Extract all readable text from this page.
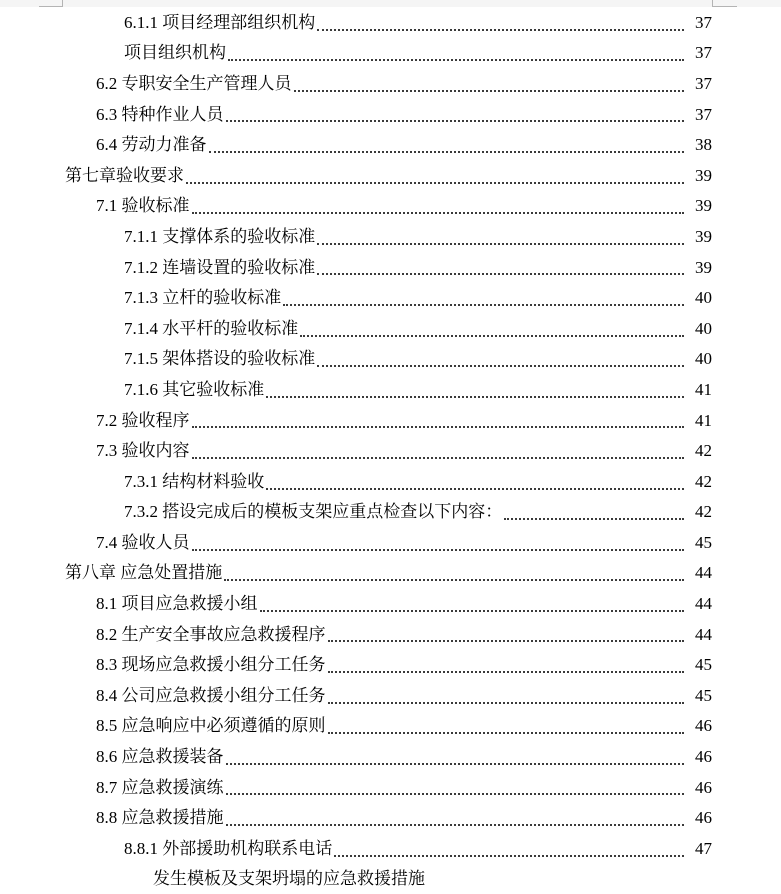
6.1.1 项目经理部组织机构	37
项目组织机构	37
6.2 专职安全生产管理人员	37
6.3 特种作业人员	37
6.4 劳动力准备	38
第七章验收要求	39
7.1 验收标准	39
7.1.1 支撑体系的验收标准	39
7.1.2 连墙设置的验收标准	39
7.1.3 立杆的验收标准	40
7.1.4 水平杆的验收标准	40
7.1.5 架体搭设的验收标准	40
7.1.6 其它验收标准	41
7.2 验收程序	41
7.3 验收内容	42
7.3.1 结构材料验收	42
7.3.2 搭设完成后的模板支架应重点检查以下内容：	42
7.4 验收人员	45
第八章 应急处置措施	44
8.1 项目应急救援小组	44
8.2 生产安全事故应急救援程序	44
8.3 现场应急救援小组分工任务	45
8.4 公司应急救援小组分工任务	45
8.5 应急响应中必须遵循的原则	46
8.6 应急救援装备	46
8.7 应急救援演练	46
8.8 应急救援措施	46
8.8.1 外部援助机构联系电话	47
发生模板及支架坍塌的应急救援措施
